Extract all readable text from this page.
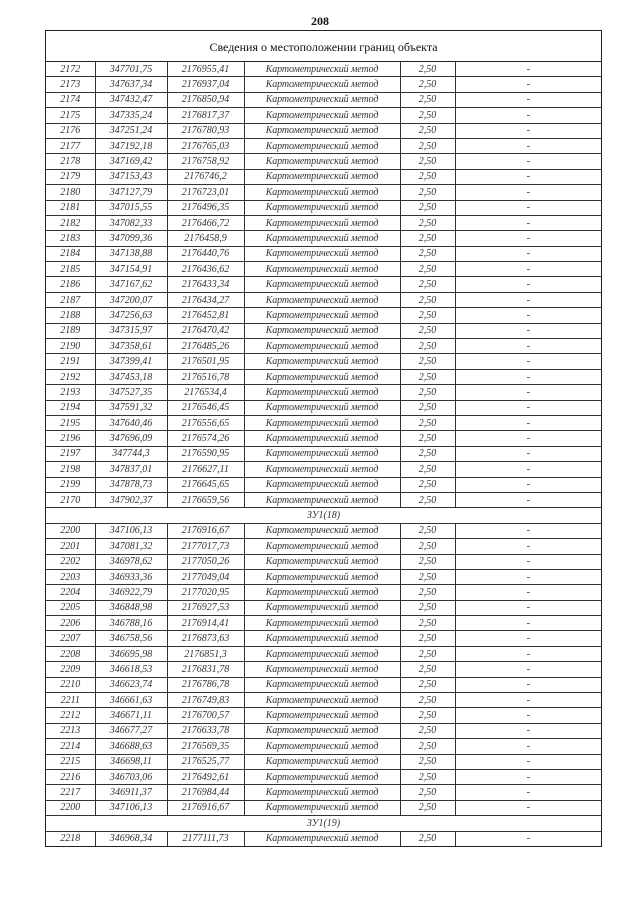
208
Сведения о местоположении границ объекта
2172	347701,75	2176955,41	Картометрический метод	2,50	-
2173	347637,34	2176937,04	Картометрический метод	2,50	-
2174	347432,47	2176850,94	Картометрический метод	2,50	-
2175	347335,24	2176817,37	Картометрический метод	2,50	-
2176	347251,24	2176780,93	Картометрический метод	2,50	-
2177	347192,18	2176765,03	Картометрический метод	2,50	-
2178	347169,42	2176758,92	Картометрический метод	2,50	-
2179	347153,43	2176746,2	Картометрический метод	2,50	-
2180	347127,79	2176723,01	Картометрический метод	2,50	-
2181	347015,55	2176496,35	Картометрический метод	2,50	-
2182	347082,33	2176466,72	Картометрический метод	2,50	-
2183	347099,36	2176458,9	Картометрический метод	2,50	-
2184	347138,88	2176440,76	Картометрический метод	2,50	-
2185	347154,91	2176436,62	Картометрический метод	2,50	-
2186	347167,62	2176433,34	Картометрический метод	2,50	-
2187	347200,07	2176434,27	Картометрический метод	2,50	-
2188	347256,63	2176452,81	Картометрический метод	2,50	-
2189	347315,97	2176470,42	Картометрический метод	2,50	-
2190	347358,61	2176485,26	Картометрический метод	2,50	-
2191	347399,41	2176501,95	Картометрический метод	2,50	-
2192	347453,18	2176516,78	Картометрический метод	2,50	-
2193	347527,35	2176534,4	Картометрический метод	2,50	-
2194	347591,32	2176546,45	Картометрический метод	2,50	-
2195	347640,46	2176556,65	Картометрический метод	2,50	-
2196	347696,09	2176574,26	Картометрический метод	2,50	-
2197	347744,3	2176590,95	Картометрический метод	2,50	-
2198	347837,01	2176627,11	Картометрический метод	2,50	-
2199	347878,73	2176645,65	Картометрический метод	2,50	-
2170	347902,37	2176659,56	Картометрический метод	2,50	-
ЗУ1(18)					
2200	347106,13	2176916,67	Картометрический метод	2,50	-
2201	347081,32	2177017,73	Картометрический метод	2,50	-
2202	346978,62	2177050,26	Картометрический метод	2,50	-
2203	346933,36	2177049,04	Картометрический метод	2,50	-
2204	346922,79	2177020,95	Картометрический метод	2,50	-
2205	346848,98	2176927,53	Картометрический метод	2,50	-
2206	346788,16	2176914,41	Картометрический метод	2,50	-
2207	346758,56	2176873,63	Картометрический метод	2,50	-
2208	346695,98	2176851,3	Картометрический метод	2,50	-
2209	346618,53	2176831,78	Картометрический метод	2,50	-
2210	346623,74	2176786,78	Картометрический метод	2,50	-
2211	346661,63	2176749,83	Картометрический метод	2,50	-
2212	346671,11	2176700,57	Картометрический метод	2,50	-
2213	346677,27	2176633,78	Картометрический метод	2,50	-
2214	346688,63	2176569,35	Картометрический метод	2,50	-
2215	346698,11	2176525,77	Картометрический метод	2,50	-
2216	346703,06	2176492,61	Картометрический метод	2,50	-
2217	346911,37	2176984,44	Картометрический метод	2,50	-
2200	347106,13	2176916,67	Картометрический метод	2,50	-
ЗУ1(19)					
2218	346968,34	2177111,73	Картометрический метод	2,50	-
